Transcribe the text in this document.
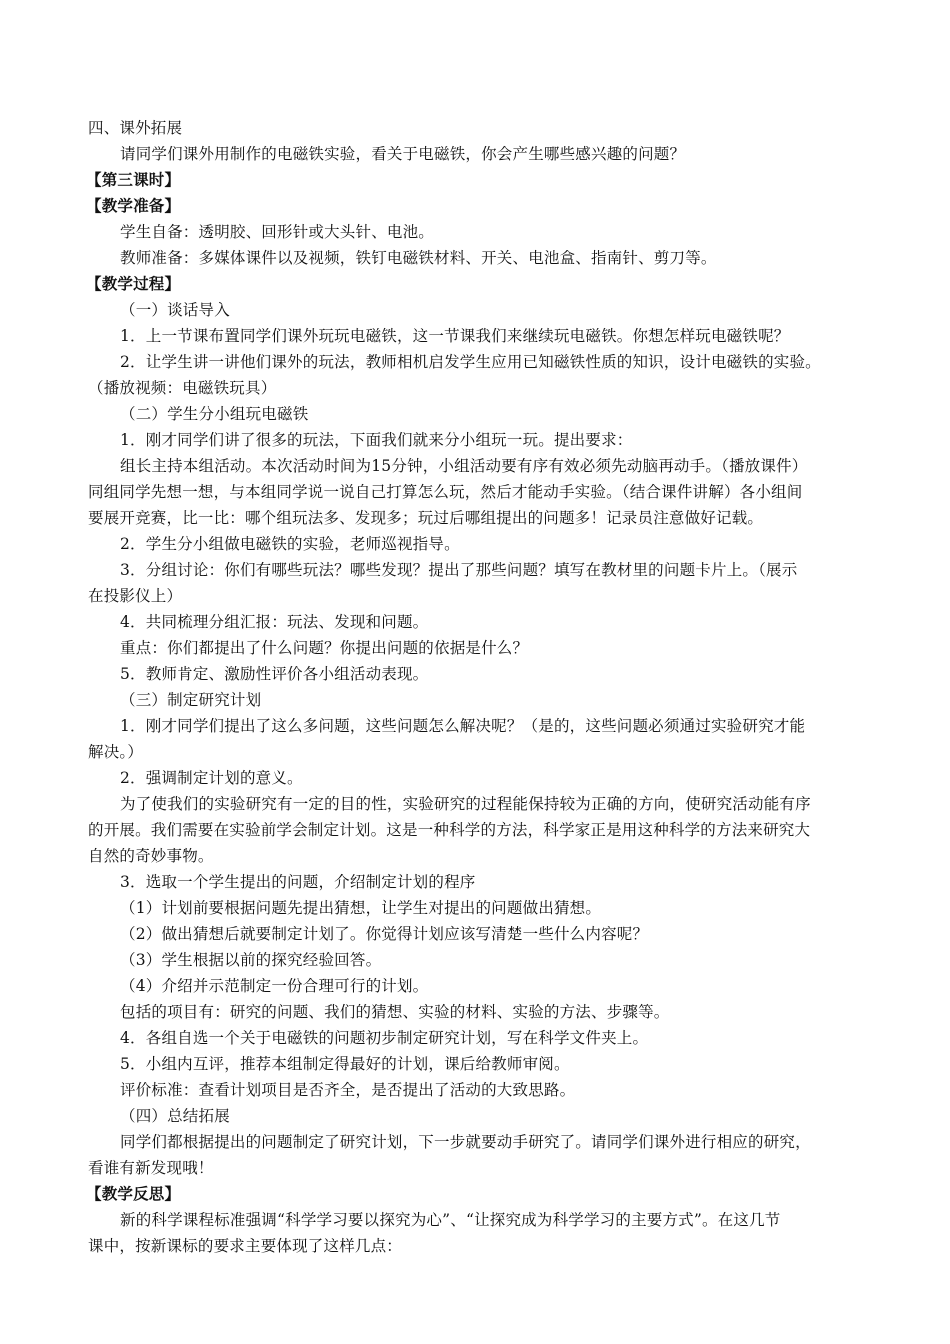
四、课外拓展
请同学们课外用制作的电磁铁实验，看关于电磁铁，你会产生哪些感兴趣的问题？
【第三课时】
【教学准备】
学生自备：透明胶、回形针或大头针、电池。
教师准备：多媒体课件以及视频，铁钉电磁铁材料、开关、电池盒、指南针、剪刀等。
【教学过程】
（一）谈话导入
1．上一节课布置同学们课外玩玩电磁铁，这一节课我们来继续玩电磁铁。你想怎样玩电磁铁呢？
2．让学生讲一讲他们课外的玩法，教师相机启发学生应用已知磁铁性质的知识，设计电磁铁的实验。
（播放视频：电磁铁玩具）
（二）学生分小组玩电磁铁
1．刚才同学们讲了很多的玩法，下面我们就来分小组玩一玩。提出要求：
组长主持本组活动。本次活动时间为15分钟，小组活动要有序有效必须先动脑再动手。（播放课件）
同组同学先想一想，与本组同学说一说自己打算怎么玩，然后才能动手实验。（结合课件讲解）各小组间
要展开竞赛，比一比：哪个组玩法多、发现多；玩过后哪组提出的问题多！记录员注意做好记载。
2．学生分小组做电磁铁的实验，老师巡视指导。
3．分组讨论：你们有哪些玩法？哪些发现？提出了那些问题？填写在教材里的问题卡片上。（展示
在投影仪上）
4．共同梳理分组汇报：玩法、发现和问题。
重点：你们都提出了什么问题？你提出问题的依据是什么？
5．教师肯定、激励性评价各小组活动表现。
（三）制定研究计划
1．刚才同学们提出了这么多问题，这些问题怎么解决呢？（是的，这些问题必须通过实验研究才能
解决。）
2．强调制定计划的意义。
为了使我们的实验研究有一定的目的性，实验研究的过程能保持较为正确的方向，使研究活动能有序
的开展。我们需要在实验前学会制定计划。这是一种科学的方法，科学家正是用这种科学的方法来研究大
自然的奇妙事物。
3．选取一个学生提出的问题，介绍制定计划的程序
（1）计划前要根据问题先提出猜想，让学生对提出的问题做出猜想。
（2）做出猜想后就要制定计划了。你觉得计划应该写清楚一些什么内容呢？
（3）学生根据以前的探究经验回答。
（4）介绍并示范制定一份合理可行的计划。
包括的项目有：研究的问题、我们的猜想、实验的材料、实验的方法、步骤等。
4．各组自选一个关于电磁铁的问题初步制定研究计划，写在科学文件夹上。
5．小组内互评，推荐本组制定得最好的计划，课后给教师审阅。
评价标准：查看计划项目是否齐全，是否提出了活动的大致思路。
（四）总结拓展
同学们都根据提出的问题制定了研究计划，下一步就要动手研究了。请同学们课外进行相应的研究，
看谁有新发现哦！
【教学反思】
新的科学课程标准强调“科学学习要以探究为心”、“让探究成为科学学习的主要方式”。在这几节
课中，按新课标的要求主要体现了这样几点：
